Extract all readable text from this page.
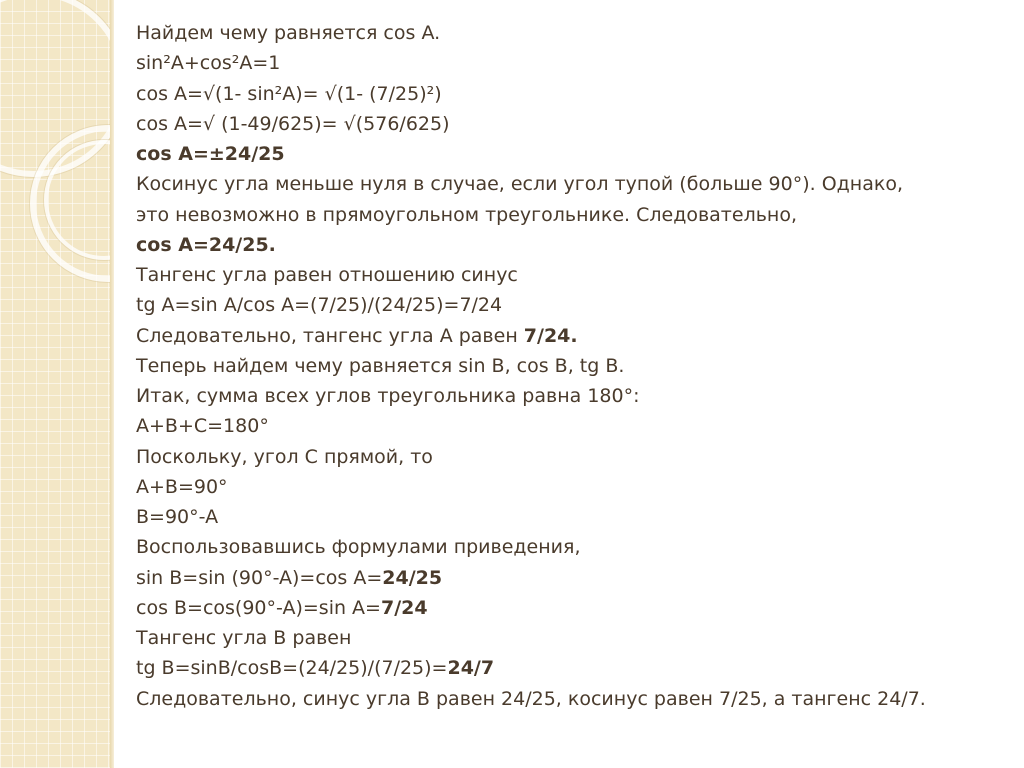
Найдем чему равняется cos A.
sin²A+cos²A=1
cos A=√(1- sin²A)= √(1- (7/25)²)
cos A=√ (1-49/625)= √(576/625)
cos A=±24/25
Косинус угла меньше нуля в случае, если угол тупой (больше 90°). Однако,
это невозможно в прямоугольном треугольнике. Следовательно,
cos A=24/25.
Тангенс угла равен отношению синус
tg A=sin A/cos A=(7/25)/(24/25)=7/24
Следовательно, тангенс угла А равен 7/24.
Теперь найдем чему равняется sin B, cos B, tg B.
Итак, сумма всех углов треугольника равна 180°:
A+B+C=180°
Поскольку, угол C прямой, то
A+B=90°
B=90°-A
Воспользовавшись формулами приведения,
sin B=sin (90°-A)=cos A=24/25
cos B=cos(90°-A)=sin A=7/24
Тангенс угла B равен
tg B=sinB/cosB=(24/25)/(7/25)=24/7
Следовательно, синус угла B равен 24/25, косинус равен 7/25, а тангенс 24/7.
